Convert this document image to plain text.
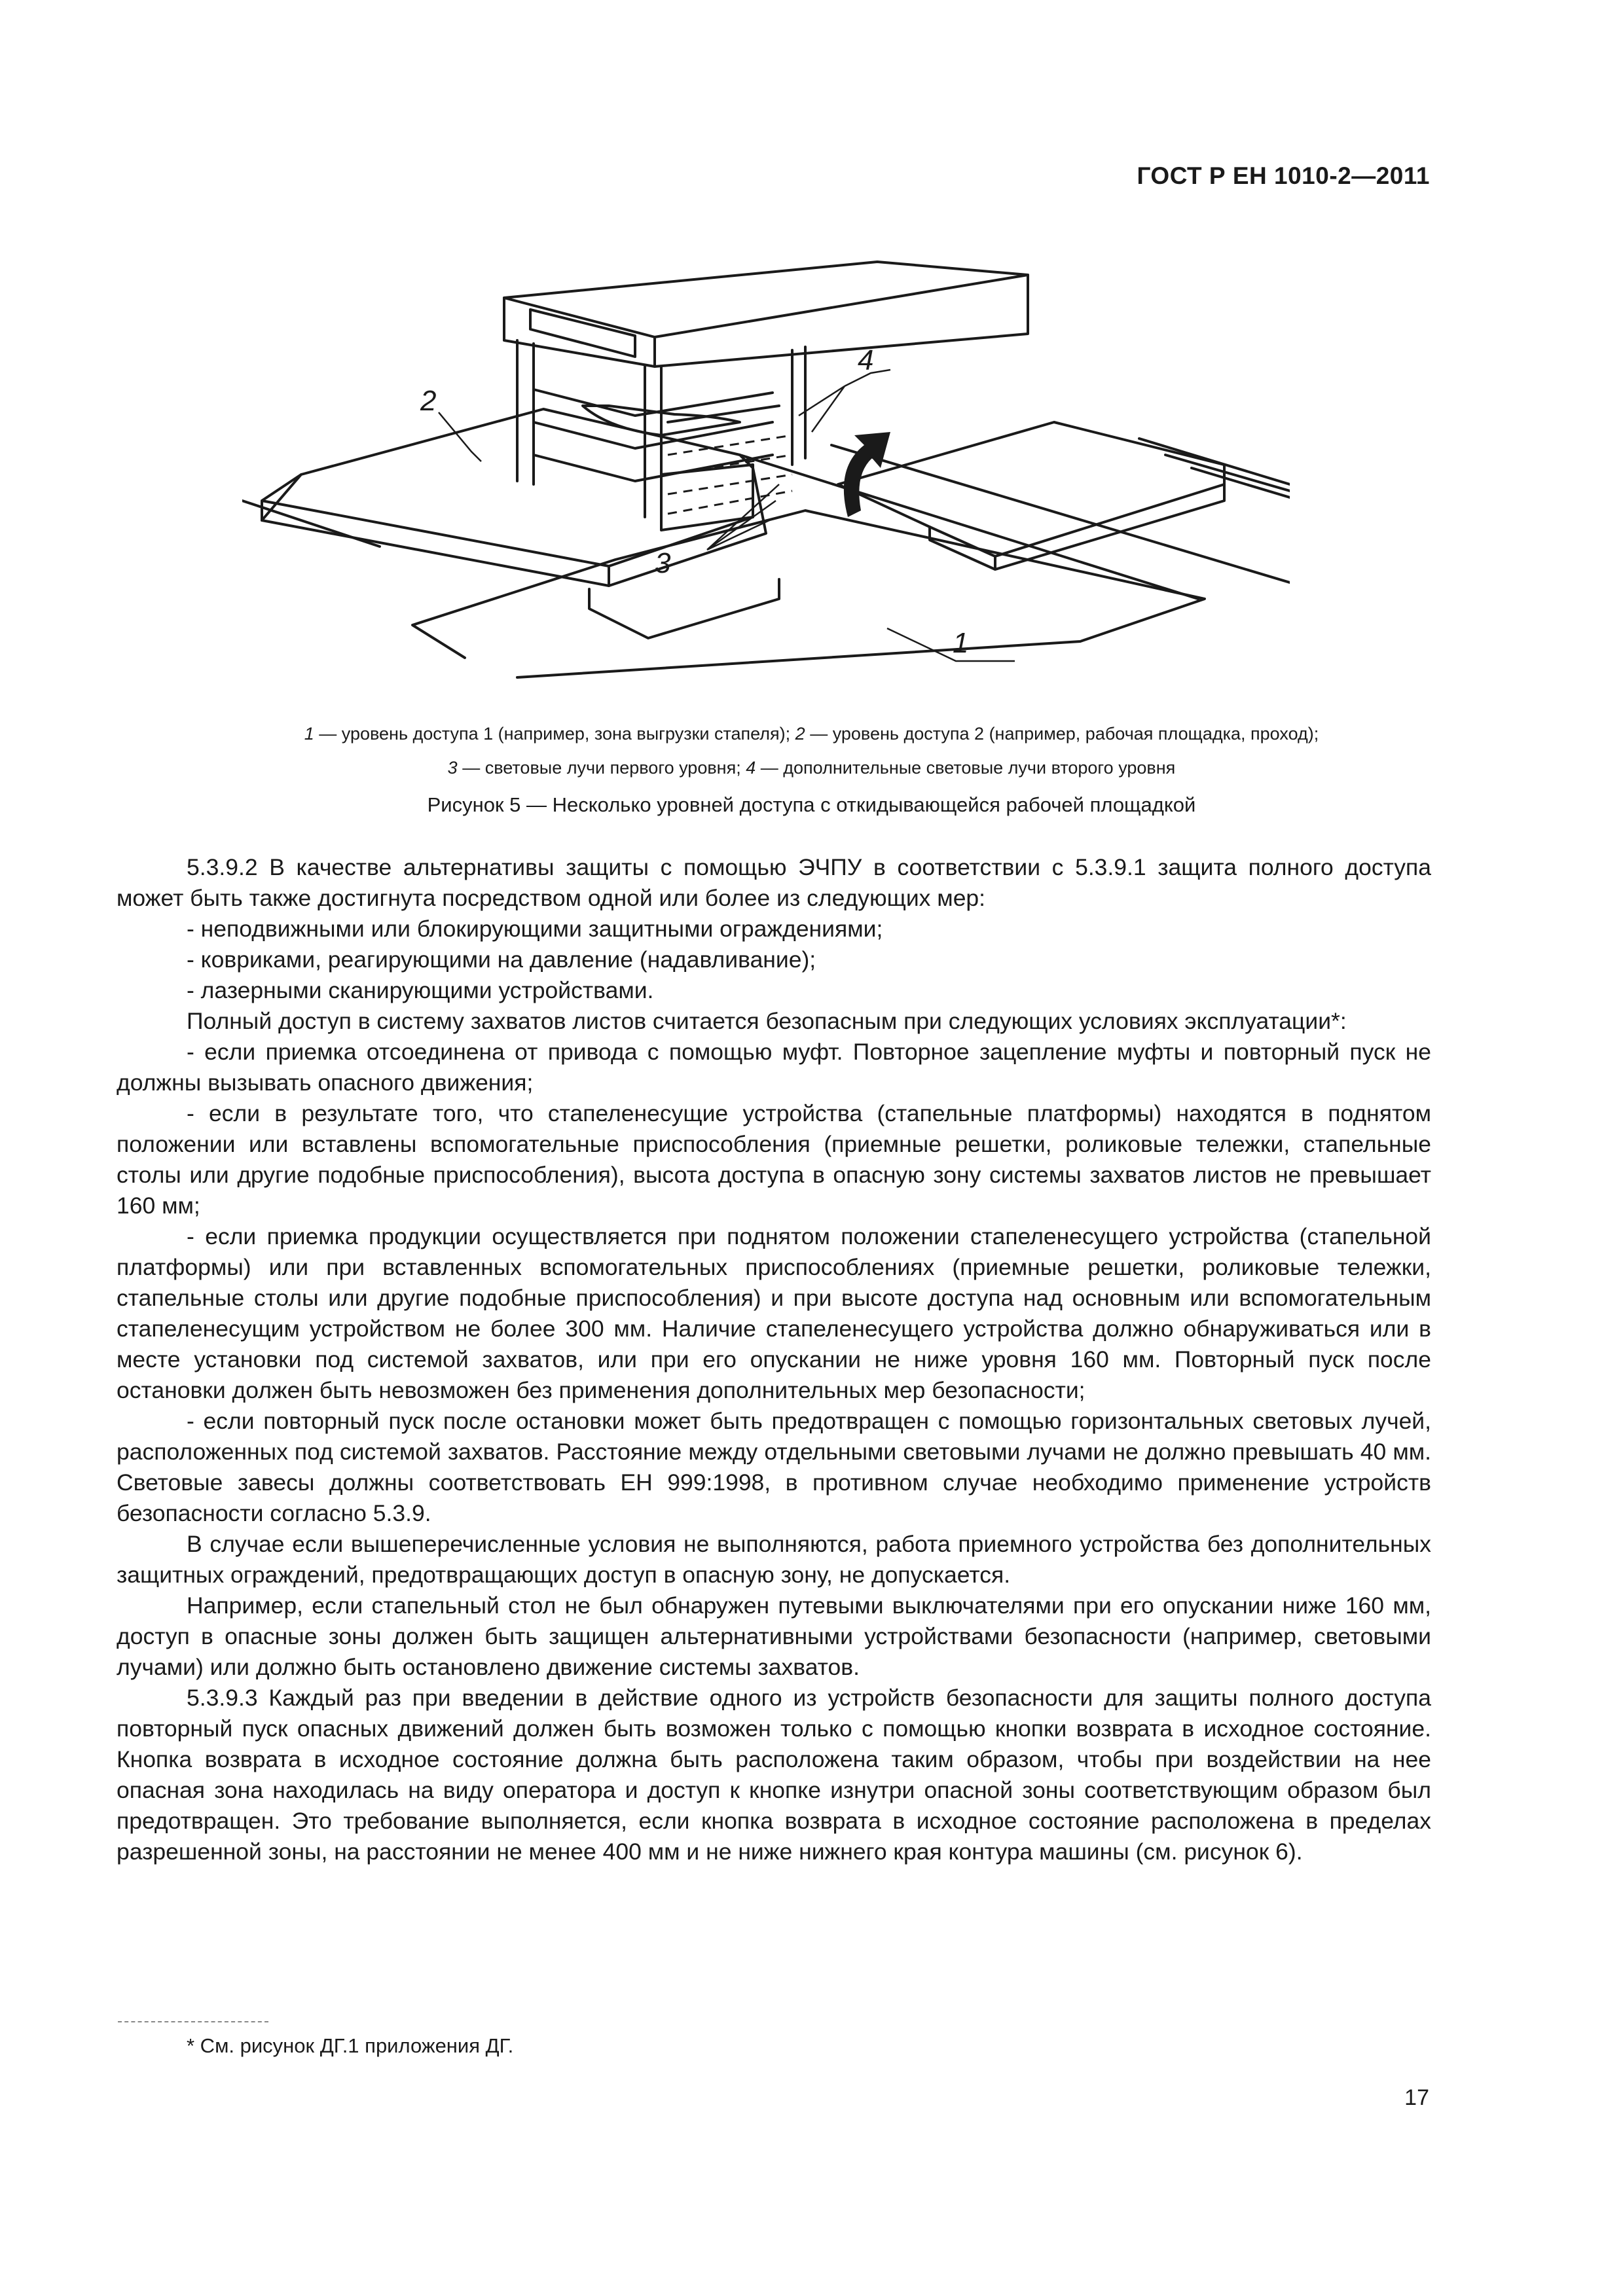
ГОСТ Р ЕН 1010-2—2011
2
4
3
1
1 — уровень доступа 1 (например, зона выгрузки стапеля); 2 — уровень доступа 2 (например, рабочая площадка, проход);
3 — световые лучи первого уровня; 4 — дополнительные световые лучи второго уровня
Рисунок 5 — Несколько уровней доступа с откидывающейся рабочей площадкой

5.3.9.2 В качестве альтернативы защиты с помощью ЭЧПУ в соответствии с 5.3.9.1 защита полного доступа может быть также достигнута посредством одной или более из следующих мер:

- неподвижными или блокирующими защитными ограждениями;

- ковриками, реагирующими на давление (надавливание);

- лазерными сканирующими устройствами.

Полный доступ в систему захватов листов считается безопасным при следующих условиях эксплуатации*:

- если приемка отсоединена от привода с помощью муфт. Повторное зацепление муфты и повторный пуск не должны вызывать опасного движения;

- если в результате того, что стапеленесущие устройства (стапельные платформы) находятся в поднятом положении или вставлены вспомогательные приспособления (приемные решетки, роликовые тележки, стапельные столы или другие подобные приспособления), высота доступа в опасную зону системы захватов листов не превышает 160 мм;

- если приемка продукции осуществляется при поднятом положении стапеленесущего устройства (стапельной платформы) или при вставленных вспомогательных приспособлениях (приемные решетки, роликовые тележки, стапельные столы или другие подобные приспособления) и при высоте доступа над основным или вспомогательным стапеленесущим устройством не более 300 мм. Наличие стапеленесущего устройства должно обнаруживаться или в месте установки под системой захватов, или при его опускании не ниже уровня 160 мм. Повторный пуск после остановки должен быть невозможен без применения дополнительных мер безопасности;

- если повторный пуск после остановки может быть предотвращен с помощью горизонтальных световых лучей, расположенных под системой захватов. Расстояние между отдельными световыми лучами не должно превышать 40 мм. Световые завесы должны соответствовать ЕН 999:1998, в противном случае необходимо применение устройств безопасности согласно 5.3.9.

В случае если вышеперечисленные условия не выполняются, работа приемного устройства без дополнительных защитных ограждений, предотвращающих доступ в опасную зону, не допускается.

Например, если стапельный стол не был обнаружен путевыми выключателями при его опускании ниже 160 мм, доступ в опасные зоны должен быть защищен альтернативными устройствами безопасности (например, световыми лучами) или должно быть остановлено движение системы захватов.

5.3.9.3 Каждый раз при введении в действие одного из устройств безопасности для защиты полного доступа повторный пуск опасных движений должен быть возможен только с помощью кнопки возврата в исходное состояние. Кнопка возврата в исходное состояние должна быть расположена таким образом, чтобы при воздействии на нее опасная зона находилась на виду оператора и доступ к кнопке изнутри опасной зоны соответствующим образом был предотвращен. Это требование выполняется, если кнопка возврата в исходное состояние расположена в пределах разрешенной зоны, на расстоянии не менее 400 мм и не ниже нижнего края контура машины (см. рисунок 6).

* См. рисунок ДГ.1 приложения ДГ.
17
